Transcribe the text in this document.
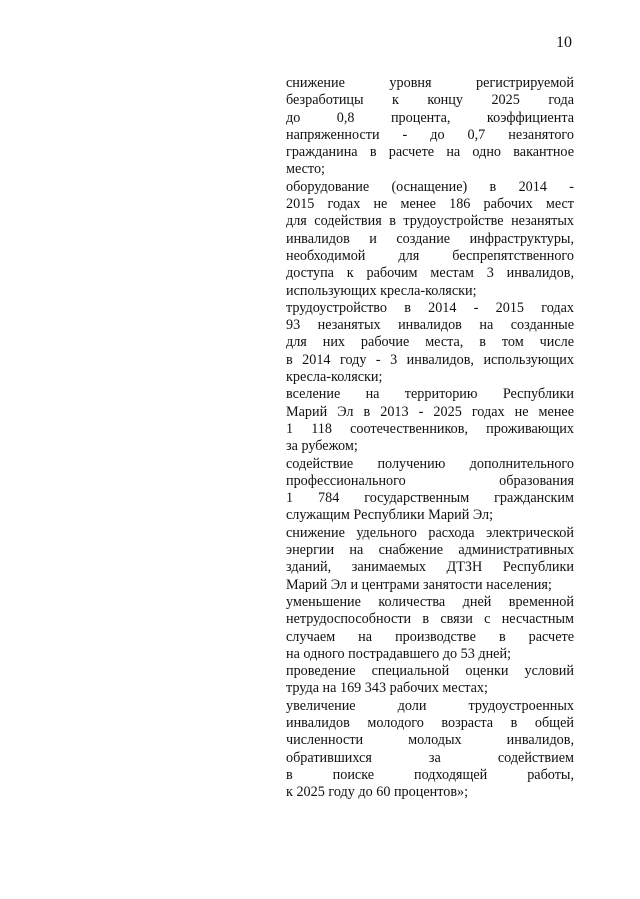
10
снижение уровня регистрируемой
безработицы к концу 2025 года
до 0,8 процента, коэффициента
напряженности - до 0,7 незанятого
гражданина в расчете на одно вакантное
место;
оборудование (оснащение) в 2014 -
2015 годах не менее 186 рабочих мест
для содействия в трудоустройстве незанятых
инвалидов и создание инфраструктуры,
необходимой для беспрепятственного
доступа к рабочим местам 3 инвалидов,
использующих кресла-коляски;
трудоустройство в 2014 - 2015 годах
93 незанятых инвалидов на созданные
для них рабочие места, в том числе
в 2014 году - 3 инвалидов, использующих
кресла-коляски;
вселение на территорию Республики
Марий Эл в 2013 - 2025 годах не менее
1 118 соотечественников, проживающих
за рубежом;
содействие получению дополнительного
профессионального образования
1 784 государственным гражданским
служащим Республики Марий Эл;
снижение удельного расхода электрической
энергии на снабжение административных
зданий, занимаемых ДТЗН Республики
Марий Эл и центрами занятости населения;
уменьшение количества дней временной
нетрудоспособности в связи с несчастным
случаем на производстве в расчете
на одного пострадавшего до 53 дней;
проведение специальной оценки условий
труда на 169 343 рабочих местах;
увеличение доли трудоустроенных
инвалидов молодого возраста в общей
численности молодых инвалидов,
обратившихся за содействием
в поиске подходящей работы,
к 2025 году до 60 процентов»;
